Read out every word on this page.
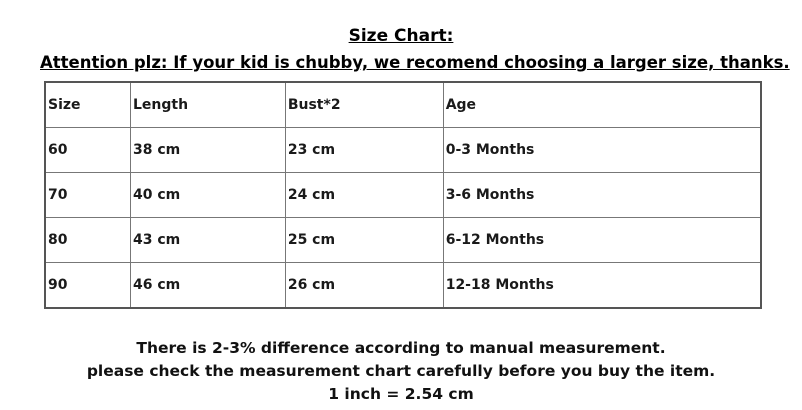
Size Chart:
Attention plz: If your kid is chubby, we recomend choosing a larger size, thanks.
Size	Length	Bust*2	Age
60	38 cm	23 cm	0-3 Months
70	40 cm	24 cm	3-6 Months
80	43 cm	25 cm	6-12 Months
90	46 cm	26 cm	12-18 Months
There is 2-3% difference according to manual measurement.
please check the measurement chart carefully before you buy the item.
1 inch = 2.54 cm
